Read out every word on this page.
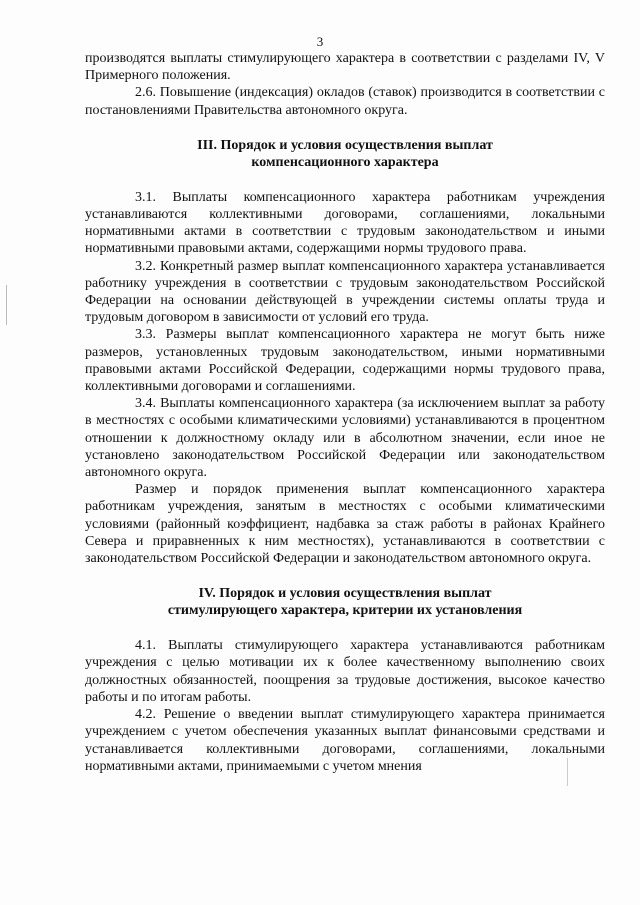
3

производятся выплаты стимулирующего характера в соответствии с разделами IV, V Примерного положения.

2.6. Повышение (индексация) окладов (ставок) производится в соответствии с постановлениями Правительства автономного округа.

III. Порядок и условия осуществления выплат
компенсационного характера

3.1. Выплаты компенсационного характера работникам учреждения устанавливаются коллективными договорами, соглашениями, локальными нормативными актами в соответствии с трудовым законодательством и иными нормативными правовыми актами, содержащими нормы трудового права.

3.2. Конкретный размер выплат компенсационного характера устанавливается работнику учреждения в соответствии с трудовым законодательством Российской Федерации на основании действующей в учреждении системы оплаты труда и трудовым договором в зависимости от условий его труда.

3.3. Размеры выплат компенсационного характера не могут быть ниже размеров, установленных трудовым законодательством, иными нормативными правовыми актами Российской Федерации, содержащими нормы трудового права, коллективными договорами и соглашениями.

3.4. Выплаты компенсационного характера (за исключением выплат за работу в местностях с особыми климатическими условиями) устанавливаются в процентном отношении к должностному окладу или в абсолютном значении, если иное не установлено законодательством Российской Федерации или законодательством автономного округа.

Размер и порядок применения выплат компенсационного характера работникам учреждения, занятым в местностях с особыми климатическими условиями (районный коэффициент, надбавка за стаж работы в районах Крайнего Севера и приравненных к ним местностях), устанавливаются в соответствии с законодательством Российской Федерации и законодательством автономного округа.

IV. Порядок и условия осуществления выплат
стимулирующего характера, критерии их установления

4.1. Выплаты стимулирующего характера устанавливаются работникам учреждения с целью мотивации их к более качественному выполнению своих должностных обязанностей, поощрения за трудовые достижения, высокое качество работы и по итогам работы.

4.2. Решение о введении выплат стимулирующего характера принимается учреждением с учетом обеспечения указанных выплат финансовыми средствами и устанавливается коллективными договорами, соглашениями, локальными нормативными актами, принимаемыми с учетом мнения
